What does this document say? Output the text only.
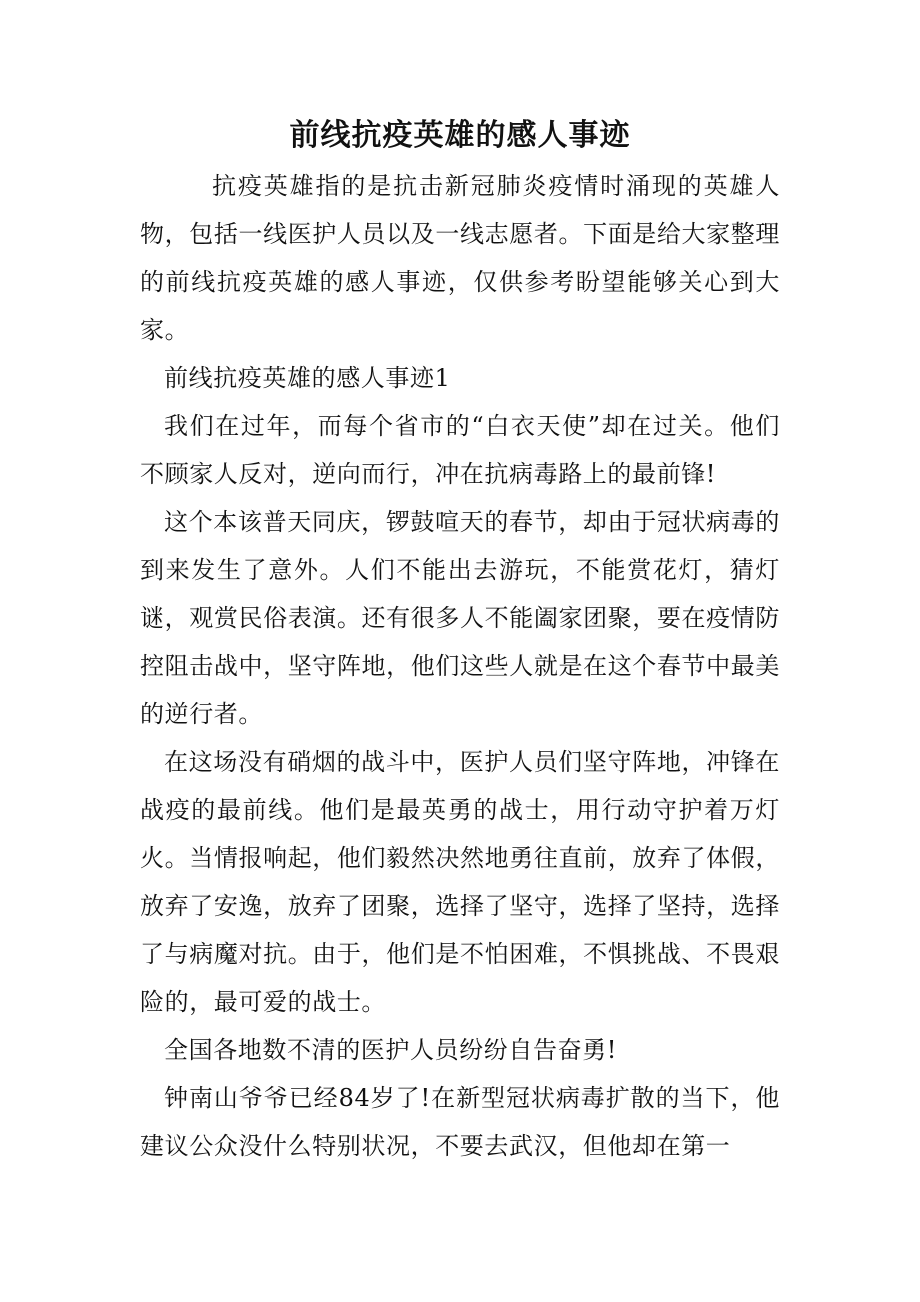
前线抗疫英雄的感人事迹

抗疫英雄指的是抗击新冠肺炎疫情时涌现的英雄人物，包括一线医护人员以及一线志愿者。下面是给大家整理的前线抗疫英雄的感人事迹，仅供参考盼望能够关心到大家。

前线抗疫英雄的感人事迹1

我们在过年，而每个省市的“白衣天使”却在过关。他们不顾家人反对，逆向而行，冲在抗病毒路上的最前锋!

这个本该普天同庆，锣鼓喧天的春节，却由于冠状病毒的到来发生了意外。人们不能出去游玩，不能赏花灯，猜灯谜，观赏民俗表演。还有很多人不能阖家团聚，要在疫情防控阻击战中，坚守阵地，他们这些人就是在这个春节中最美的逆行者。

在这场没有硝烟的战斗中，医护人员们坚守阵地，冲锋在战疫的最前线。他们是最英勇的战士，用行动守护着万灯火。当情报响起，他们毅然决然地勇往直前，放弃了体假，放弃了安逸，放弃了团聚，选择了坚守，选择了坚持，选择了与病魔对抗。由于，他们是不怕困难，不惧挑战、不畏艰险的，最可爱的战士。

全国各地数不清的医护人员纷纷自告奋勇!

钟南山爷爷已经84岁了!在新型冠状病毒扩散的当下，他建议公众没什么特别状况，不要去武汉，但他却在第一
